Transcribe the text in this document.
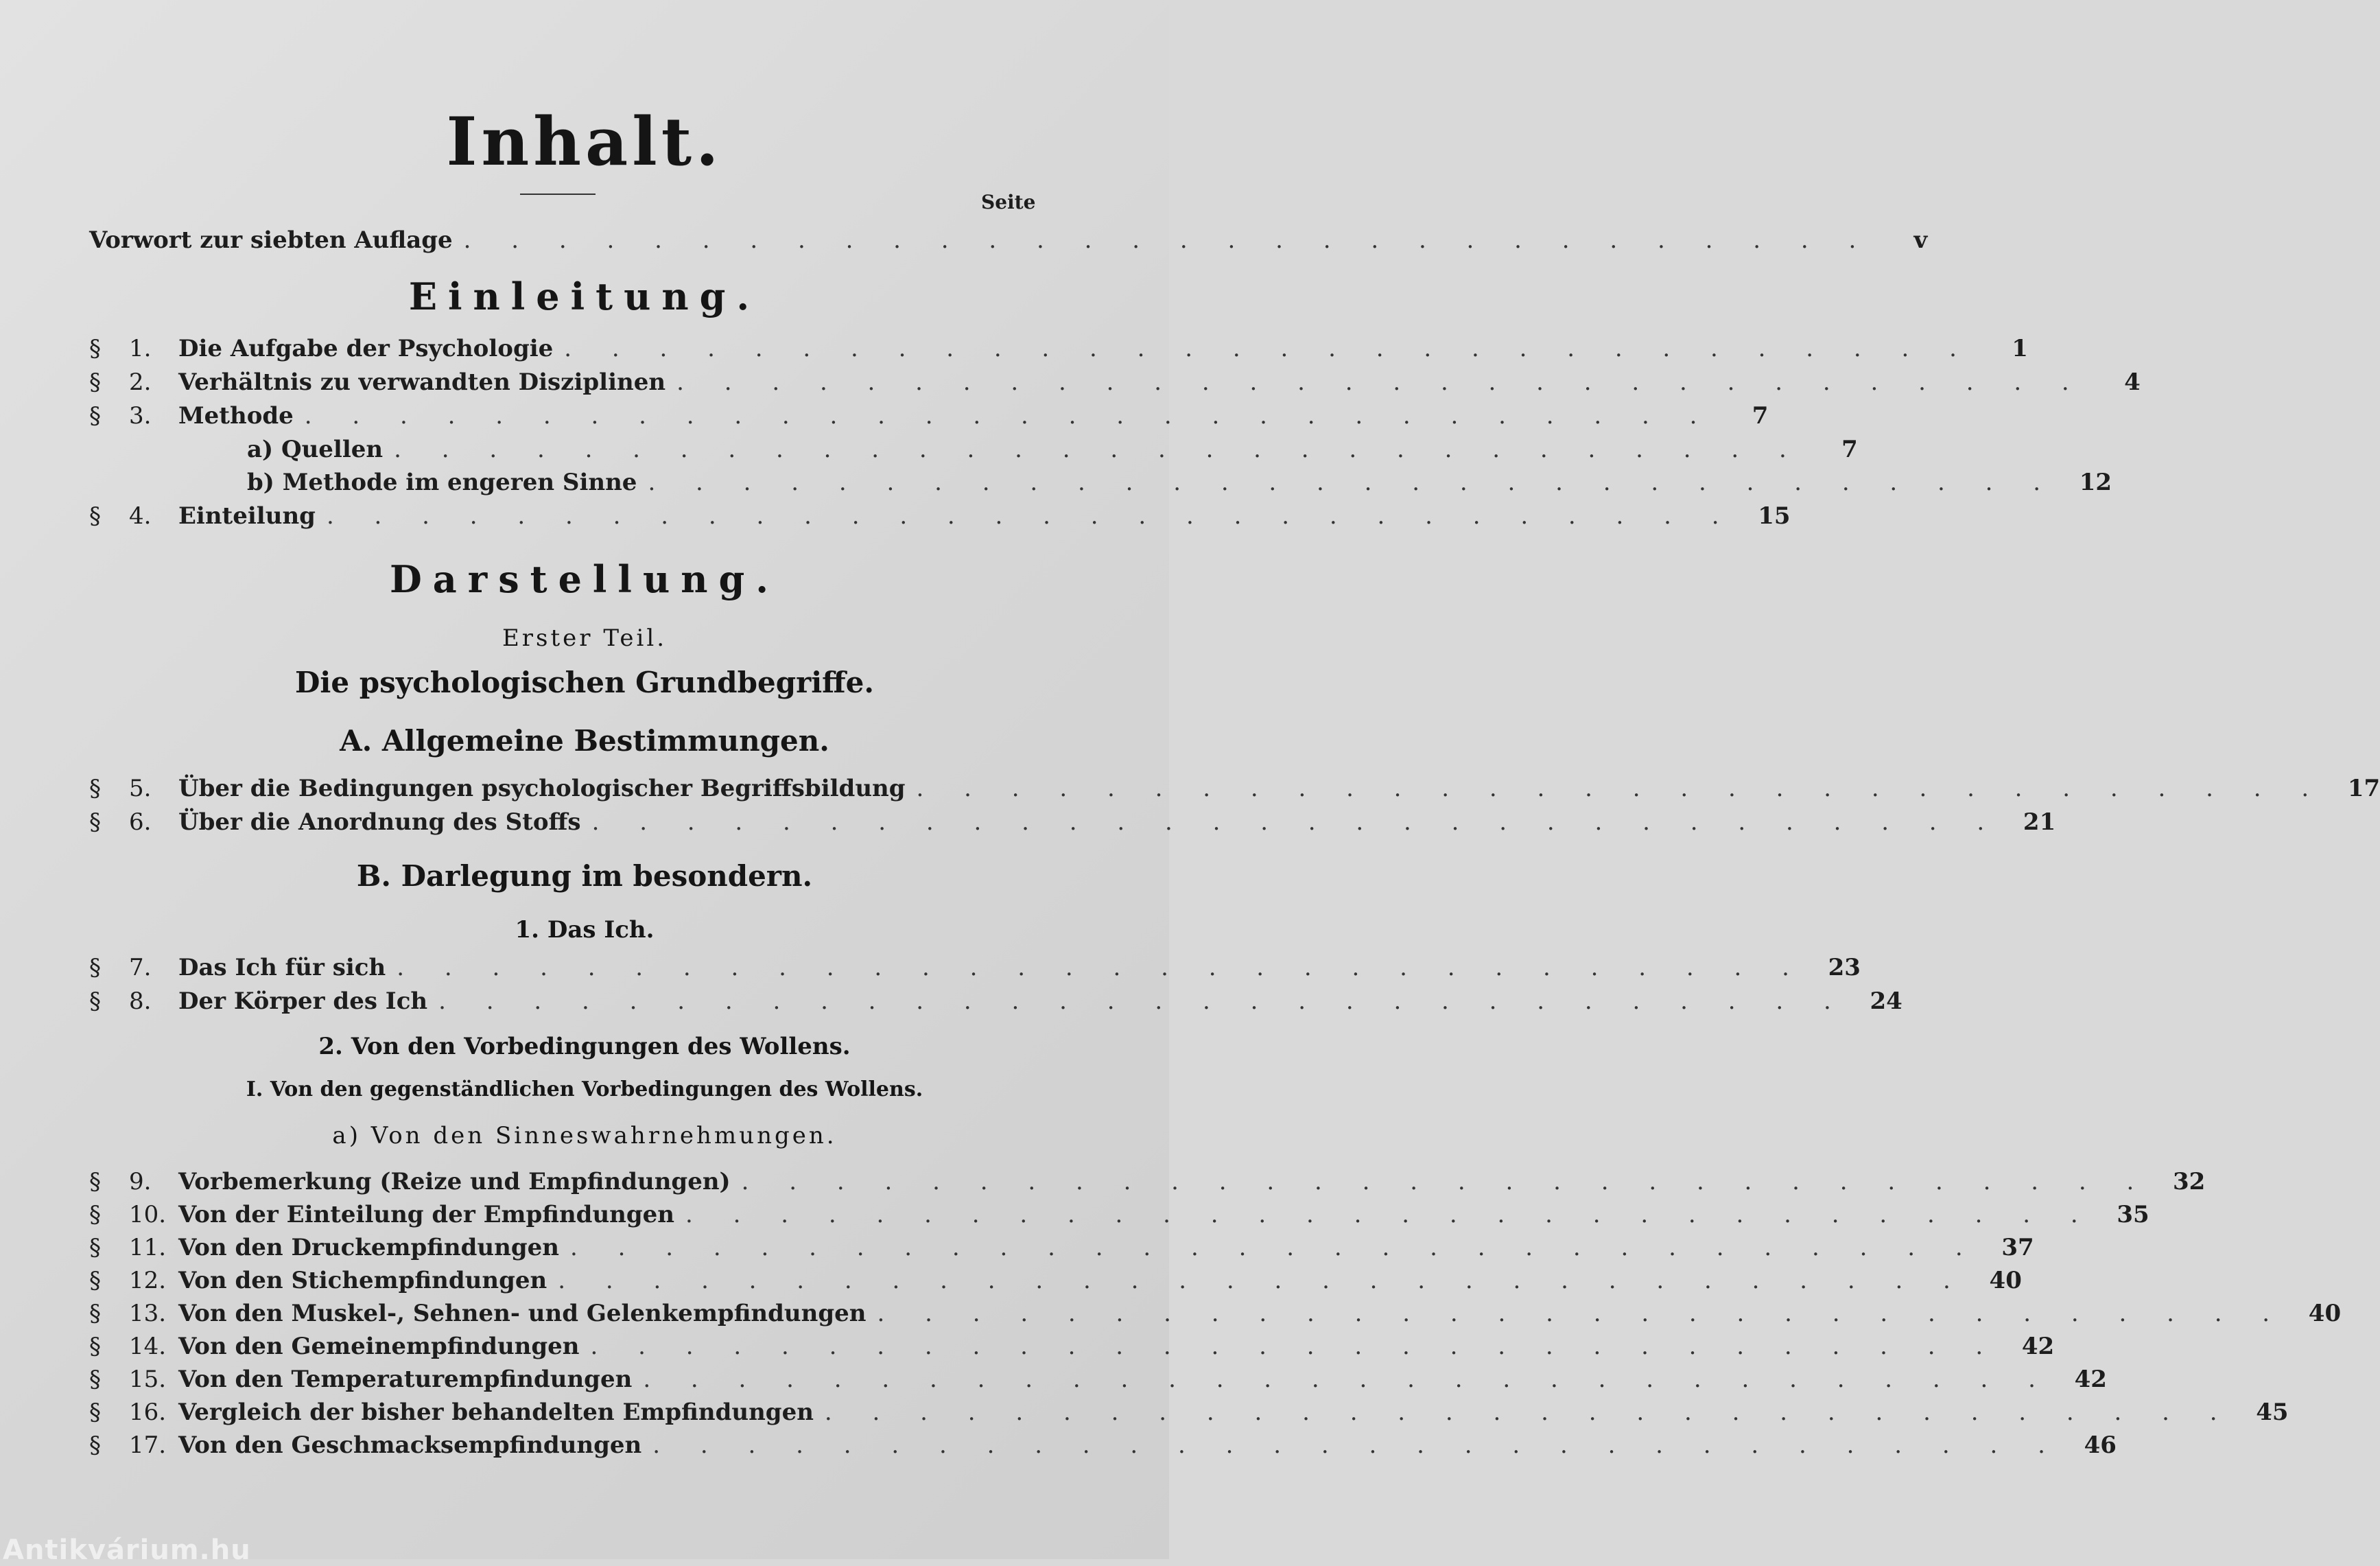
Inhalt.
Seite
Vorwort zur siebten Auflage . . . . . . . . . . . . . . . . . . . . . . . . . . . . . .	v
Einleitung.
§ 1.	Die Aufgabe der Psychologie . . . . . . . . . . . . . . . . . . . . . . . . . . . . . .	1
§ 2.	Verhältnis zu verwandten Disziplinen . . . . . . . . . . . . . . . . . . . . . . . . . . . . . .	4
§ 3.	Methode . . . . . . . . . . . . . . . . . . . . . . . . . . . . . .	7
a) Quellen . . . . . . . . . . . . . . . . . . . . . . . . . . . . . .	7
b) Methode im engeren Sinne . . . . . . . . . . . . . . . . . . . . . . . . . . . . . . 12
§ 4.	Einteilung . . . . . . . . . . . . . . . . . . . . . . . . . . . . . . 15
Darstellung.
Erster Teil.
Die psychologischen Grundbegriffe.
A. Allgemeine Bestimmungen.
§ 5.	Über die Bedingungen psychologischer Begriffsbildung . . . . . . . . . . . . . . . . . . . . . . . . . . . . . . 17
§ 6.	Über die Anordnung des Stoffs . . . . . . . . . . . . . . . . . . . . . . . . . . . . . . 21
B. Darlegung im besondern.
1. Das Ich.
§ 7.	Das Ich für sich . . . . . . . . . . . . . . . . . . . . . . . . . . . . . . 23
§ 8.	Der Körper des Ich . . . . . . . . . . . . . . . . . . . . . . . . . . . . . . 24
2. Von den Vorbedingungen des Wollens.
I. Von den gegenständlichen Vorbedingungen des Wollens.
a) Von den Sinneswahrnehmungen.
§ 9.	Vorbemerkung (Reize und Empfindungen) . . . . . . . . . . . . . . . . . . . . . . . . . . . . . . 32
§ 10. Von der Einteilung der Empfindungen . . . . . . . . . . . . . . . . . . . . . . . . . . . . . . 35
§ 11. Von den Druckempfindungen . . . . . . . . . . . . . . . . . . . . . . . . . . . . . . 37
§ 12. Von den Stichempfindungen . . . . . . . . . . . . . . . . . . . . . . . . . . . . . . 40
§ 13. Von den Muskel-, Sehnen- und Gelenkempfindungen . . . . . . . . . . . . . . . . . . . . . . . . . . . . . . 40
§ 14. Von den Gemeinempfindungen . . . . . . . . . . . . . . . . . . . . . . . . . . . . . . 42
§ 15. Von den Temperaturempfindungen . . . . . . . . . . . . . . . . . . . . . . . . . . . . . . 42
§ 16. Vergleich der bisher behandelten Empfindungen . . . . . . . . . . . . . . . . . . . . . . . . . . . . . . 45
§ 17. Von den Geschmacksempfindungen . . . . . . . . . . . . . . . . . . . . . . . . . . . . . . 46
Antikvárium.hu
